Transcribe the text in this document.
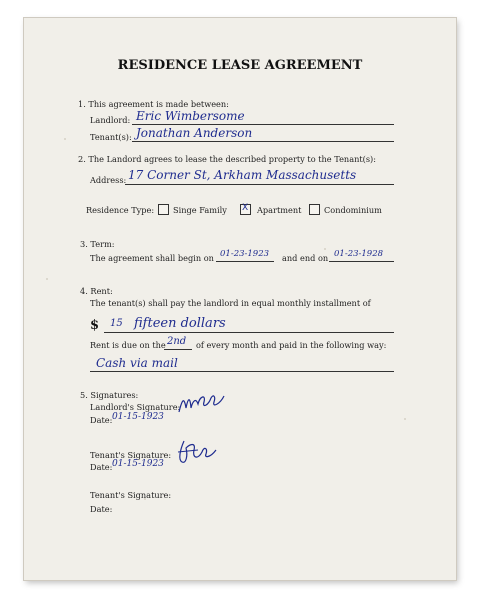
RESIDENCE LEASE AGREEMENT
1. This agreement is made between:
Landlord: Eric Wimbersome
Tenant(s): Jonathan Anderson
2. The Landord agrees to lease the described property to the Tenant(s):
Address: 17 Corner St, Arkham Massachusetts
Residence Type: Singe Family X Apartment	Condominium
3. Term:
The agreement shall begin on 01-23-1923 and end on 01-23-1928
4. Rent:
The tenant(s) shall pay the landlord in equal monthly installment of
$ 15 fifteen dollars
Rent is due on the 2nd of every month and paid in the following way:
Cash via mail
5. Signatures:
Landlord's Signature:
Date: 01-15-1923
Tenant's Signature:
Date: 01-15-1923
Tenant's Signature:
Date:
